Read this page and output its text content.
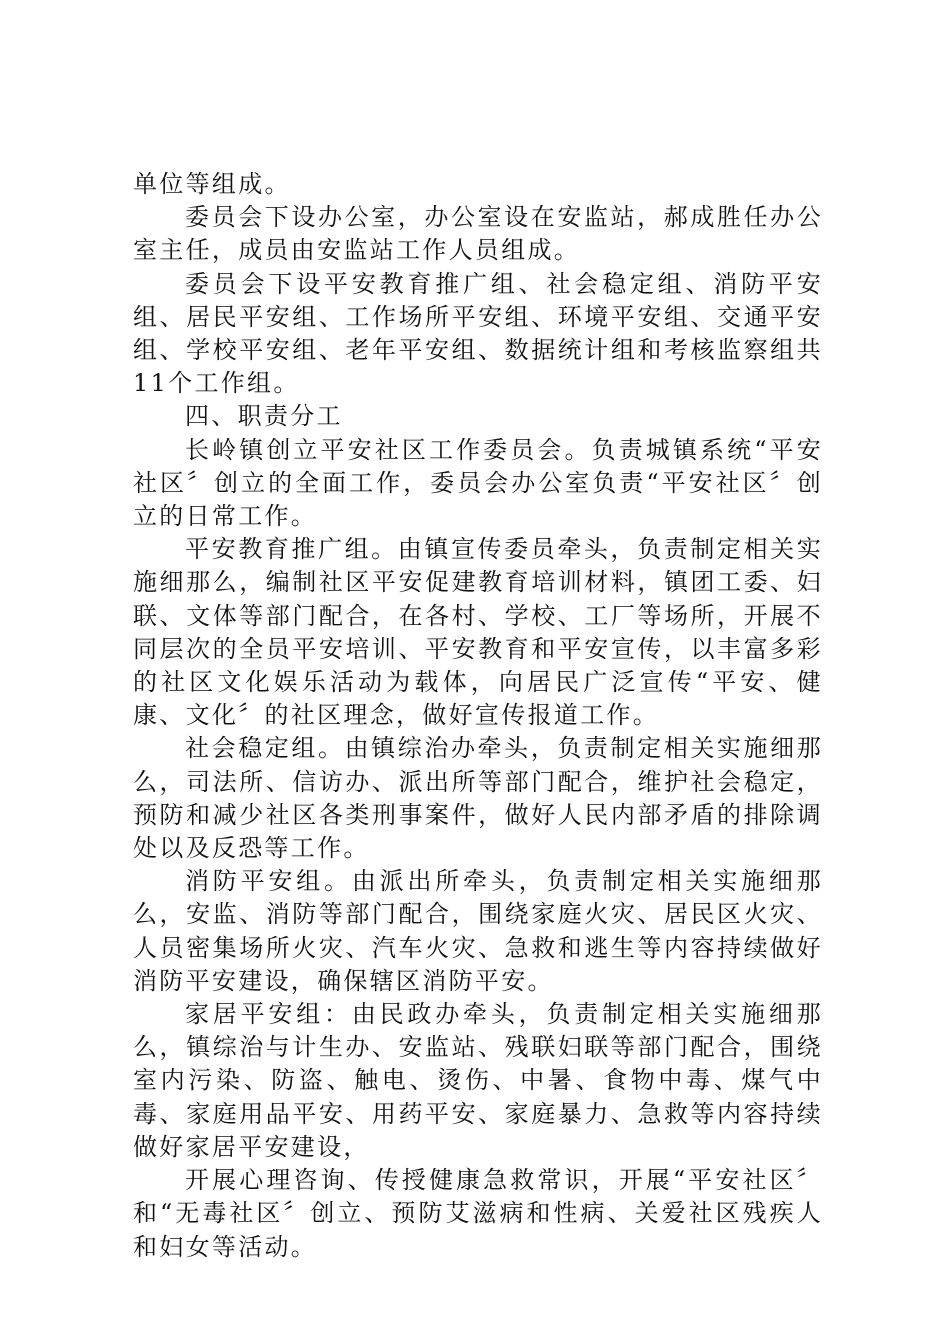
单位等组成。

委员会下设办公室，办公室设在安监站，郝成胜任办公室主任，成员由安监站工作人员组成。

委员会下设平安教育推广组、社会稳定组、消防平安组、居民平安组、工作场所平安组、环境平安组、交通平安组、学校平安组、老年平安组、数据统计组和考核监察组共11个工作组。

四、职责分工

长岭镇创立平安社区工作委员会。负责城镇系统“平安社区〞创立的全面工作，委员会办公室负责“平安社区〞创立的日常工作。

平安教育推广组。由镇宣传委员牵头，负责制定相关实施细那么，编制社区平安促建教育培训材料，镇团工委、妇联、文体等部门配合，在各村、学校、工厂等场所，开展不同层次的全员平安培训、平安教育和平安宣传，以丰富多彩的社区文化娱乐活动为载体，向居民广泛宣传“平安、健康、文化〞的社区理念，做好宣传报道工作。

社会稳定组。由镇综治办牵头，负责制定相关实施细那么，司法所、信访办、派出所等部门配合，维护社会稳定，预防和减少社区各类刑事案件，做好人民内部矛盾的排除调处以及反恐等工作。

消防平安组。由派出所牵头，负责制定相关实施细那么，安监、消防等部门配合，围绕家庭火灾、居民区火灾、人员密集场所火灾、汽车火灾、急救和逃生等内容持续做好消防平安建设，确保辖区消防平安。

家居平安组：由民政办牵头，负责制定相关实施细那么，镇综治与计生办、安监站、残联妇联等部门配合，围绕室内污染、防盗、触电、烫伤、中暑、食物中毒、煤气中毒、家庭用品平安、用药平安、家庭暴力、急救等内容持续做好家居平安建设，

开展心理咨询、传授健康急救常识，开展“平安社区〞和“无毒社区〞创立、预防艾滋病和性病、关爱社区残疾人和妇女等活动。
